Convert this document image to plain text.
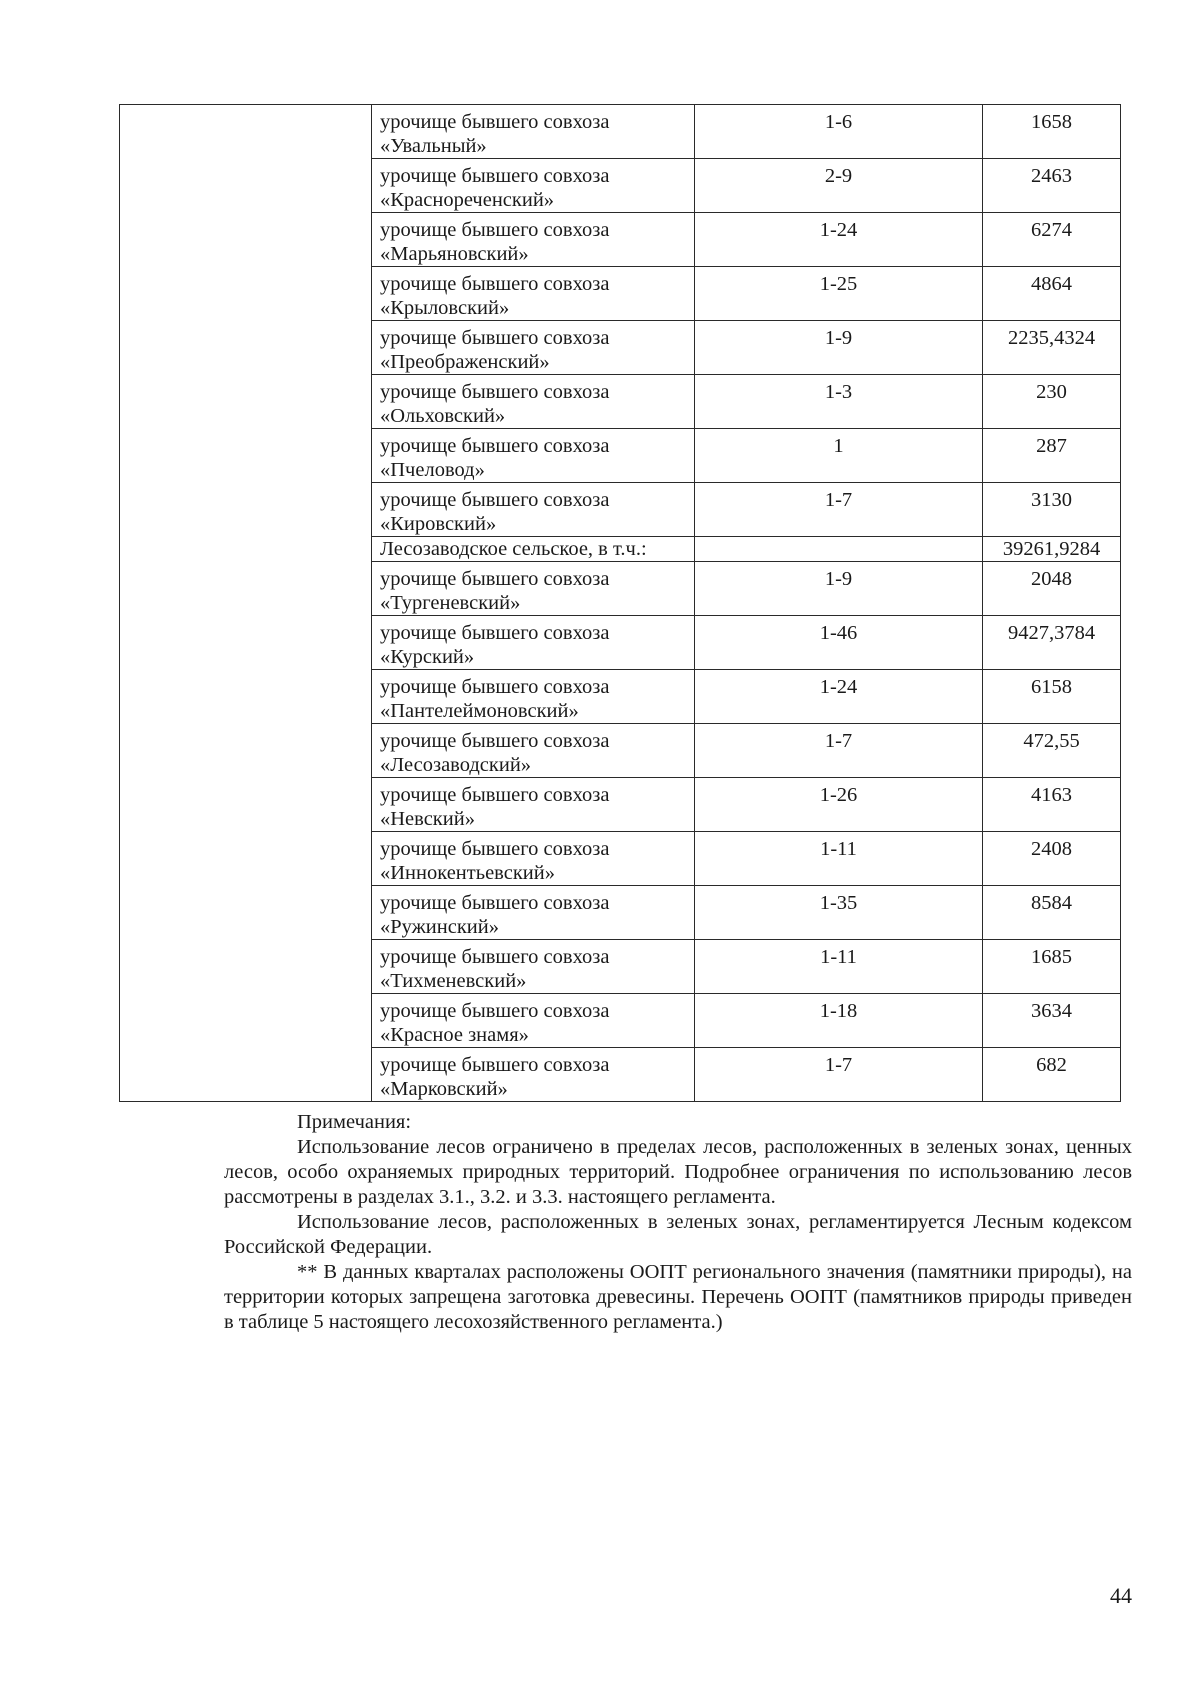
	урочище бывшего совхоза
«Увальный»	1-6	1658

	урочище бывшего совхоза
«Краснореченский»	2-9	2463

	урочище бывшего совхоза
«Марьяновский»	1-24	6274

	урочище бывшего совхоза
«Крыловский»	1-25	4864

	урочище бывшего совхоза
«Преображенский»	1-9	2235,4324

	урочище бывшего совхоза
«Ольховский»	1-3	230

	урочище бывшего совхоза
«Пчеловод»	1	287

	урочище бывшего совхоза
«Кировский»	1-7	3130
	Лесозаводское сельское, в т.ч.:		39261,9284

	урочище бывшего совхоза
«Тургеневский»	1-9	2048

	урочище бывшего совхоза
«Курский»	1-46	9427,3784

	урочище бывшего совхоза
«Пантелеймоновский»	1-24	6158

	урочище бывшего совхоза
«Лесозаводский»	1-7	472,55

	урочище бывшего совхоза
«Невский»	1-26	4163

	урочище бывшего совхоза
«Иннокентьевский»	1-11	2408

	урочище бывшего совхоза
«Ружинский»	1-35	8584

	урочище бывшего совхоза
«Тихменевский»	1-11	1685

	урочище бывшего совхоза
«Красное знамя»	1-18	3634

	урочище бывшего совхоза
«Марковский»	1-7	682

Примечания:

Использование лесов ограничено в пределах лесов, расположенных в зеленых зонах, ценных лесов, особо охраняемых природных территорий. Подробнее ограничения по использованию лесов рассмотрены в разделах 3.1., 3.2. и 3.3. настоящего регламента.

Использование лесов, расположенных в зеленых зонах, регламентируется Лесным кодексом Российской Федерации.

** В данных кварталах расположены ООПТ регионального значения (памятники природы), на территории которых запрещена заготовка древесины. Перечень ООПТ (памятников природы приведен в таблице 5 настоящего лесохозяйственного регламента.)

44
